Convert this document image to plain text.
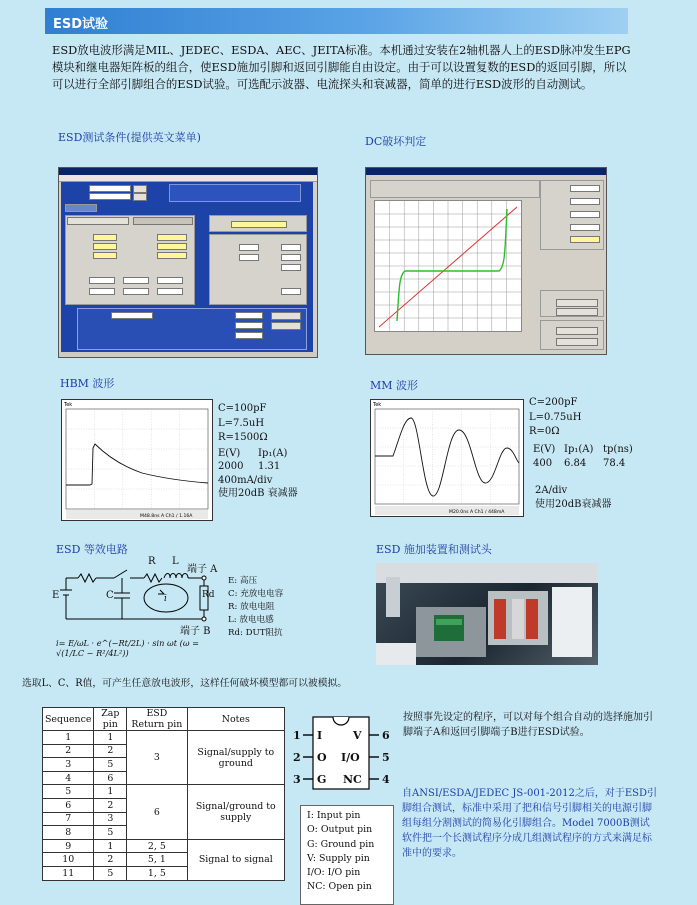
ESD试验
ESD放电波形满足MIL、JEDEC、ESDA、AEC、JEITA标准。本机通过安装在2轴机器人上的ESD脉冲发生EPG模块和继电器矩阵板的组合，使ESD施加引脚和返回引脚能自由设定。由于可以设置复数的ESD的返回引脚，所以可以进行全部引脚组合的ESD试验。可选配示波器、电流探头和衰减器，简单的进行ESD波形的自动测试。
ESD测试条件(提供英文菜单)	DC破坏判定
HBM 波形
Tek
M48.8ns A Ch1 ∕ 1.16A
C=100pF
L=7.5uH
R=1500Ω
E(V) Ip₁(A)
2000 1.31
400mA/div
使用20dB 衰减器
MM 波形
Tek
M20.0ns A Ch1 ∕ 448mA
C=200pF
L=0.75uH
R=0Ω
E(V) Ip₁(A) tp(ns)
400 6.84 78.4
2A/div
使用20dB衰减器
ESD 等效电路
R L
端子 A
端子 B
E	C	Rd
i
i= E/ωL · e^(−Rt/2L) · sin ωt (ω = √(1/LC − R²/4L²))
E: 高压
C: 充放电电容
R: 放电电阻
L: 放电电感
Rd: DUT阻抗
ESD 施加装置和测试头
选取L、C、R值，可产生任意放电波形，这样任何破坏模型都可以被模拟。
Sequence	Zap pin	ESD Return pin	Notes
1	1	3	Signal/supply to ground
2	2		
3	5		
4	6		
5	1	6	Signal/ground to supply
6	2		
7	3		
8	5		
9	1	2, 5	Signal to signal
10	2	5, 1	
11	5	1, 5	
1
2
3
6
5
4
I
O
G
V
I/O
NC
I: Input pin
O: Output pin
G: Ground pin
V: Supply pin
I/O: I/O pin
NC: Open pin
按照事先设定的程序，可以对每个组合自动的选择施加引脚端子A和返回引脚端子B进行ESD试验。
自ANSI/ESDA/JEDEC JS-001-2012之后，对于ESD引脚组合测试，标准中采用了把和信号引脚相关的电源引脚组每组分割测试的简易化引脚组合。Model 7000B测试软件把一个长测试程序分成几组测试程序的方式来满足标准中的要求。
